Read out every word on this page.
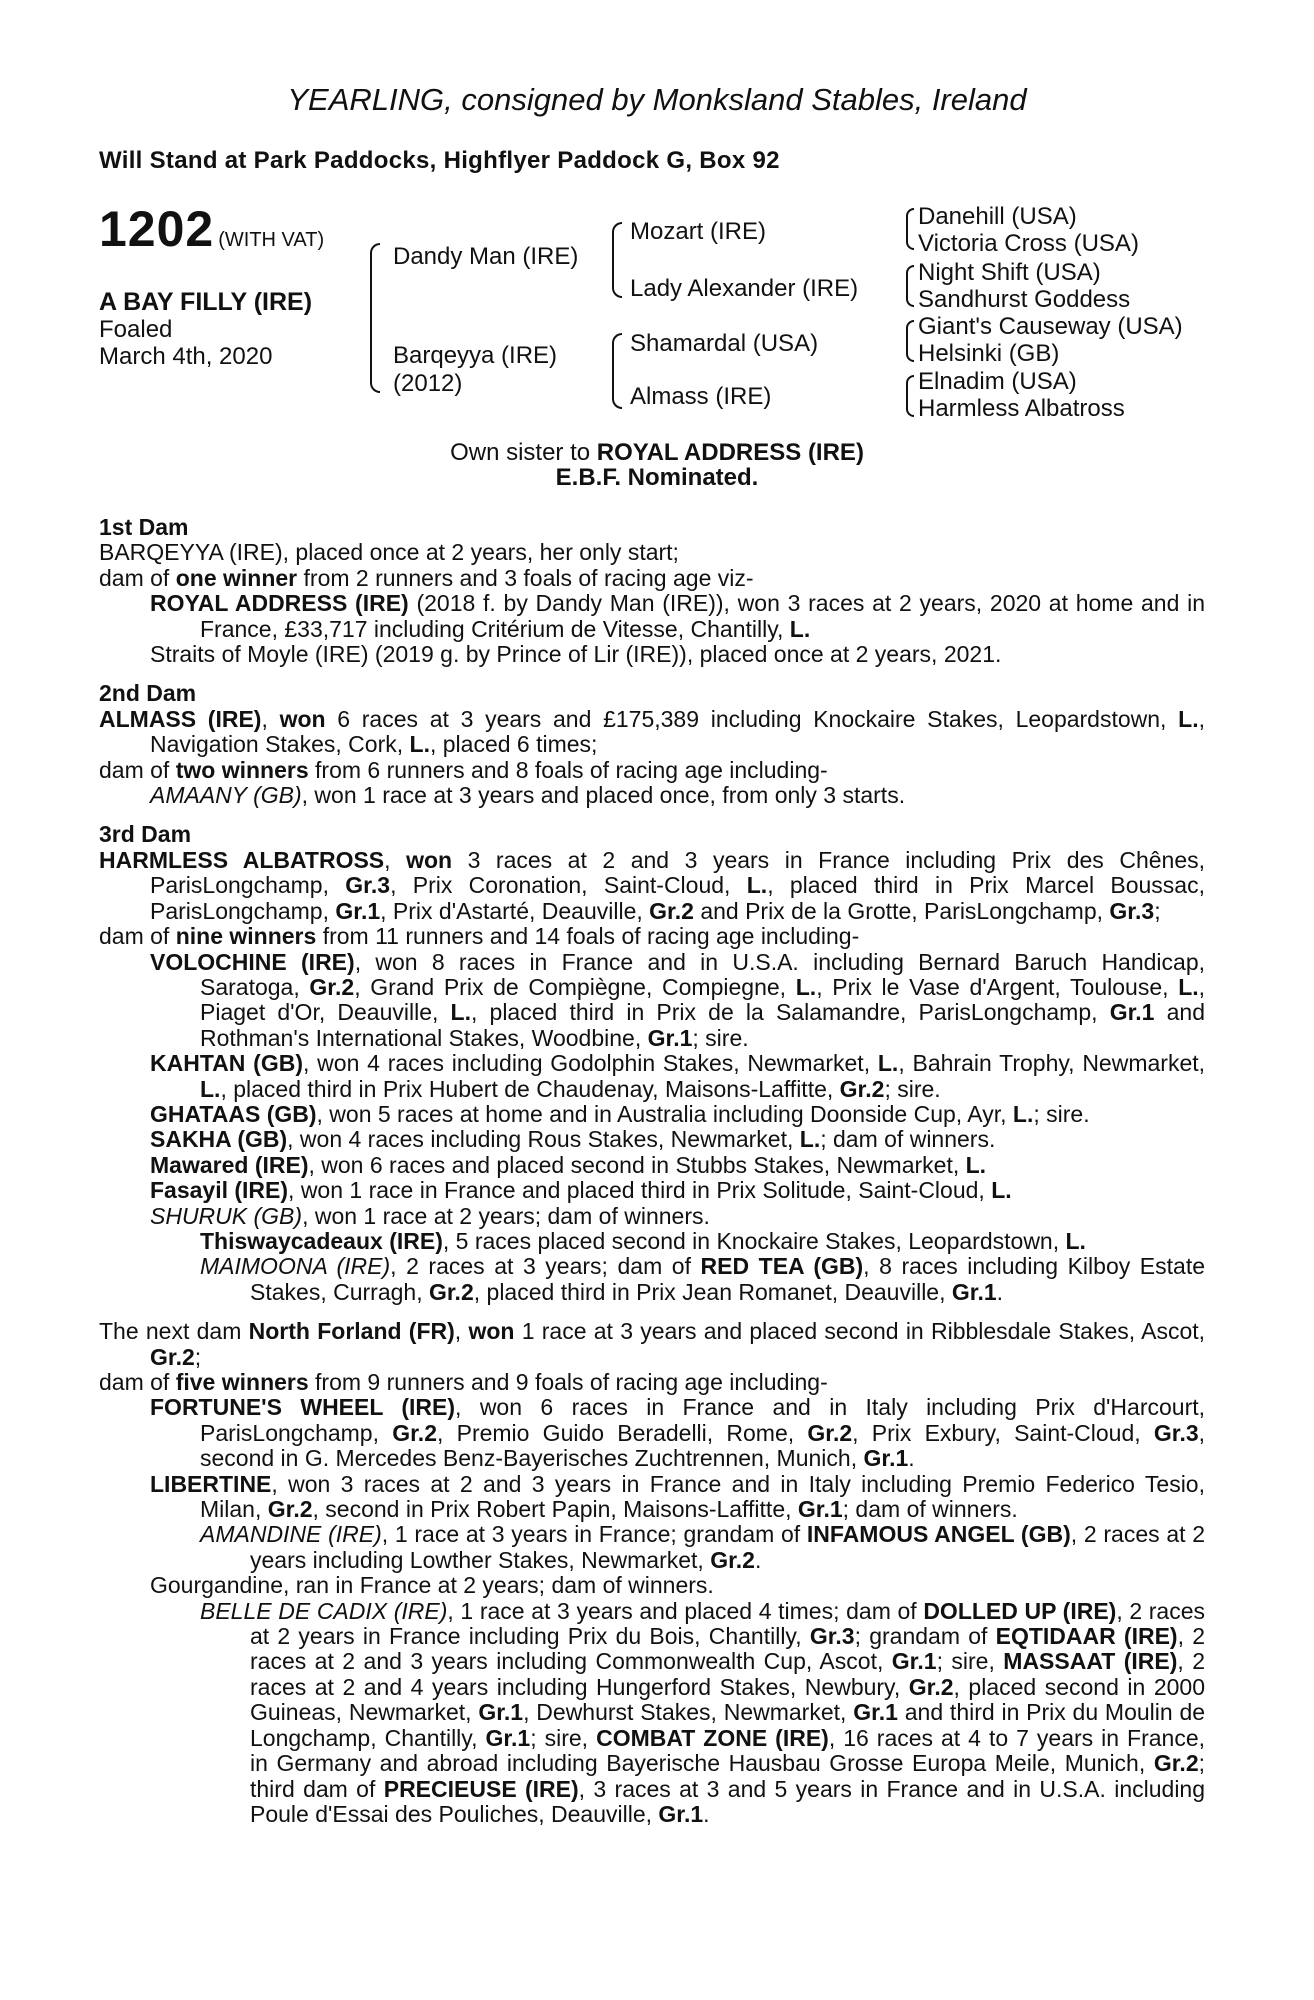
YEARLING, consigned by Monksland Stables, Ireland
Will Stand at Park Paddocks, Highflyer Paddock G, Box 92
1202 (WITH VAT)
A BAY FILLY (IRE)
Foaled
March 4th, 2020
Dandy Man (IRE)
Barqeyya (IRE)
(2012)
Mozart (IRE)
Lady Alexander (IRE)
Shamardal (USA)
Almass (IRE)
Danehill (USA)
Victoria Cross (USA)
Night Shift (USA)
Sandhurst Goddess
Giant's Causeway (USA)
Helsinki (GB)
Elnadim (USA)
Harmless Albatross
Own sister to ROYAL ADDRESS (IRE)
E.B.F. Nominated.

1st Dam

BARQEYYA (IRE), placed once at 2 years, her only start;

dam of one winner from 2 runners and 3 foals of racing age viz-

ROYAL ADDRESS (IRE) (2018 f. by Dandy Man (IRE)), won 3 races at 2 years, 2020 at home and in France, £33,717 including Critérium de Vitesse, Chantilly, L.

Straits of Moyle (IRE) (2019 g. by Prince of Lir (IRE)), placed once at 2 years, 2021.

2nd Dam

ALMASS (IRE), won 6 races at 3 years and £175,389 including Knockaire Stakes, Leopardstown, L., Navigation Stakes, Cork, L., placed 6 times;

dam of two winners from 6 runners and 8 foals of racing age including-

AMAANY (GB), won 1 race at 3 years and placed once, from only 3 starts.

3rd Dam

HARMLESS ALBATROSS, won 3 races at 2 and 3 years in France including Prix des Chênes, ParisLongchamp, Gr.3, Prix Coronation, Saint-Cloud, L., placed third in Prix Marcel Boussac, ParisLongchamp, Gr.1, Prix d'Astarté, Deauville, Gr.2 and Prix de la Grotte, ParisLongchamp, Gr.3;

dam of nine winners from 11 runners and 14 foals of racing age including-

VOLOCHINE (IRE), won 8 races in France and in U.S.A. including Bernard Baruch Handicap, Saratoga, Gr.2, Grand Prix de Compiègne, Compiegne, L., Prix le Vase d'Argent, Toulouse, L., Piaget d'Or, Deauville, L., placed third in Prix de la Salamandre, ParisLongchamp, Gr.1 and Rothman's International Stakes, Woodbine, Gr.1; sire.

KAHTAN (GB), won 4 races including Godolphin Stakes, Newmarket, L., Bahrain Trophy, Newmarket, L., placed third in Prix Hubert de Chaudenay, Maisons-Laffitte, Gr.2; sire.

GHATAAS (GB), won 5 races at home and in Australia including Doonside Cup, Ayr, L.; sire.

SAKHA (GB), won 4 races including Rous Stakes, Newmarket, L.; dam of winners.

Mawared (IRE), won 6 races and placed second in Stubbs Stakes, Newmarket, L.

Fasayil (IRE), won 1 race in France and placed third in Prix Solitude, Saint-Cloud, L.

SHURUK (GB), won 1 race at 2 years; dam of winners.

Thiswaycadeaux (IRE), 5 races placed second in Knockaire Stakes, Leopardstown, L.

MAIMOONA (IRE), 2 races at 3 years; dam of RED TEA (GB), 8 races including Kilboy Estate Stakes, Curragh, Gr.2, placed third in Prix Jean Romanet, Deauville, Gr.1.

The next dam North Forland (FR), won 1 race at 3 years and placed second in Ribblesdale Stakes, Ascot, Gr.2;

dam of five winners from 9 runners and 9 foals of racing age including-

FORTUNE'S WHEEL (IRE), won 6 races in France and in Italy including Prix d'Harcourt, ParisLongchamp, Gr.2, Premio Guido Beradelli, Rome, Gr.2, Prix Exbury, Saint-Cloud, Gr.3, second in G. Mercedes Benz-Bayerisches Zuchtrennen, Munich, Gr.1.

LIBERTINE, won 3 races at 2 and 3 years in France and in Italy including Premio Federico Tesio, Milan, Gr.2, second in Prix Robert Papin, Maisons-Laffitte, Gr.1; dam of winners.

AMANDINE (IRE), 1 race at 3 years in France; grandam of INFAMOUS ANGEL (GB), 2 races at 2 years including Lowther Stakes, Newmarket, Gr.2.

Gourgandine, ran in France at 2 years; dam of winners.

BELLE DE CADIX (IRE), 1 race at 3 years and placed 4 times; dam of DOLLED UP (IRE), 2 races at 2 years in France including Prix du Bois, Chantilly, Gr.3; grandam of EQTIDAAR (IRE), 2 races at 2 and 3 years including Commonwealth Cup, Ascot, Gr.1; sire, MASSAAT (IRE), 2 races at 2 and 4 years including Hungerford Stakes, Newbury, Gr.2, placed second in 2000 Guineas, Newmarket, Gr.1, Dewhurst Stakes, Newmarket, Gr.1 and third in Prix du Moulin de Longchamp, Chantilly, Gr.1; sire, COMBAT ZONE (IRE), 16 races at 4 to 7 years in France, in Germany and abroad including Bayerische Hausbau Grosse Europa Meile, Munich, Gr.2; third dam of PRECIEUSE (IRE), 3 races at 3 and 5 years in France and in U.S.A. including Poule d'Essai des Pouliches, Deauville, Gr.1.
